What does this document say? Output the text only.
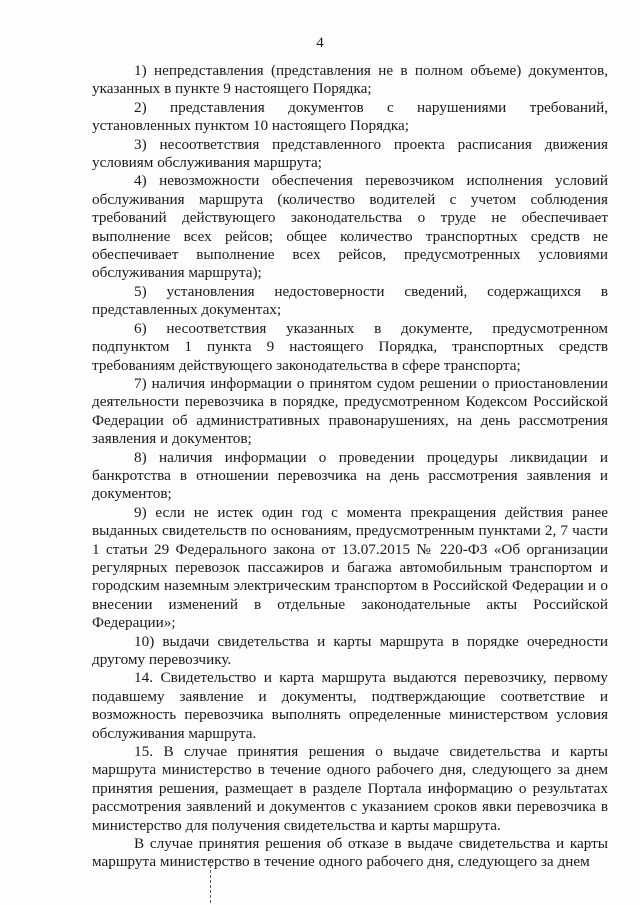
4

1) непредставления (представления не в полном объеме) документов, указанных в пункте 9 настоящего Порядка;

2) представления документов с нарушениями требований, установленных пунктом 10 настоящего Порядка;

3) несоответствия представленного проекта расписания движения условиям обслуживания маршрута;

4) невозможности обеспечения перевозчиком исполнения условий обслуживания маршрута (количество водителей с учетом соблюдения требований действующего законодательства о труде не обеспечивает выполнение всех рейсов; общее количество транспортных средств не обеспечивает выполнение всех рейсов, предусмотренных условиями обслуживания маршрута);

5) установления недостоверности сведений, содержащихся в представленных документах;

6) несоответствия указанных в документе, предусмотренном подпунктом 1 пункта 9 настоящего Порядка, транспортных средств требованиям действующего законодательства в сфере транспорта;

7) наличия информации о принятом судом решении о приостановлении деятельности перевозчика в порядке, предусмотренном Кодексом Российской Федерации об административных правонарушениях, на день рассмотрения заявления и документов;

8) наличия информации о проведении процедуры ликвидации и банкротства в отношении перевозчика на день рассмотрения заявления и документов;

9) если не истек один год с момента прекращения действия ранее выданных свидетельств по основаниям, предусмотренным пунктами 2, 7 части 1 статьи 29 Федерального закона от 13.07.2015 № 220-ФЗ «Об организации регулярных перевозок пассажиров и багажа автомобильным транспортом и городским наземным электрическим транспортом в Российской Федерации и о внесении изменений в отдельные законодательные акты Российской Федерации»;

10) выдачи свидетельства и карты маршрута в порядке очередности другому перевозчику.

14. Свидетельство и карта маршрута выдаются перевозчику, первому подавшему заявление и документы, подтверждающие соответствие и возможность перевозчика выполнять определенные министерством условия обслуживания маршрута.

15. В случае принятия решения о выдаче свидетельства и карты маршрута министерство в течение одного рабочего дня, следующего за днем принятия решения, размещает в разделе Портала информацию о результатах рассмотрения заявлений и документов с указанием сроков явки перевозчика в министерство для получения свидетельства и карты маршрута.

В случае принятия решения об отказе в выдаче свидетельства и карты маршрута министерство в течение одного рабочего дня, следующего за днем
